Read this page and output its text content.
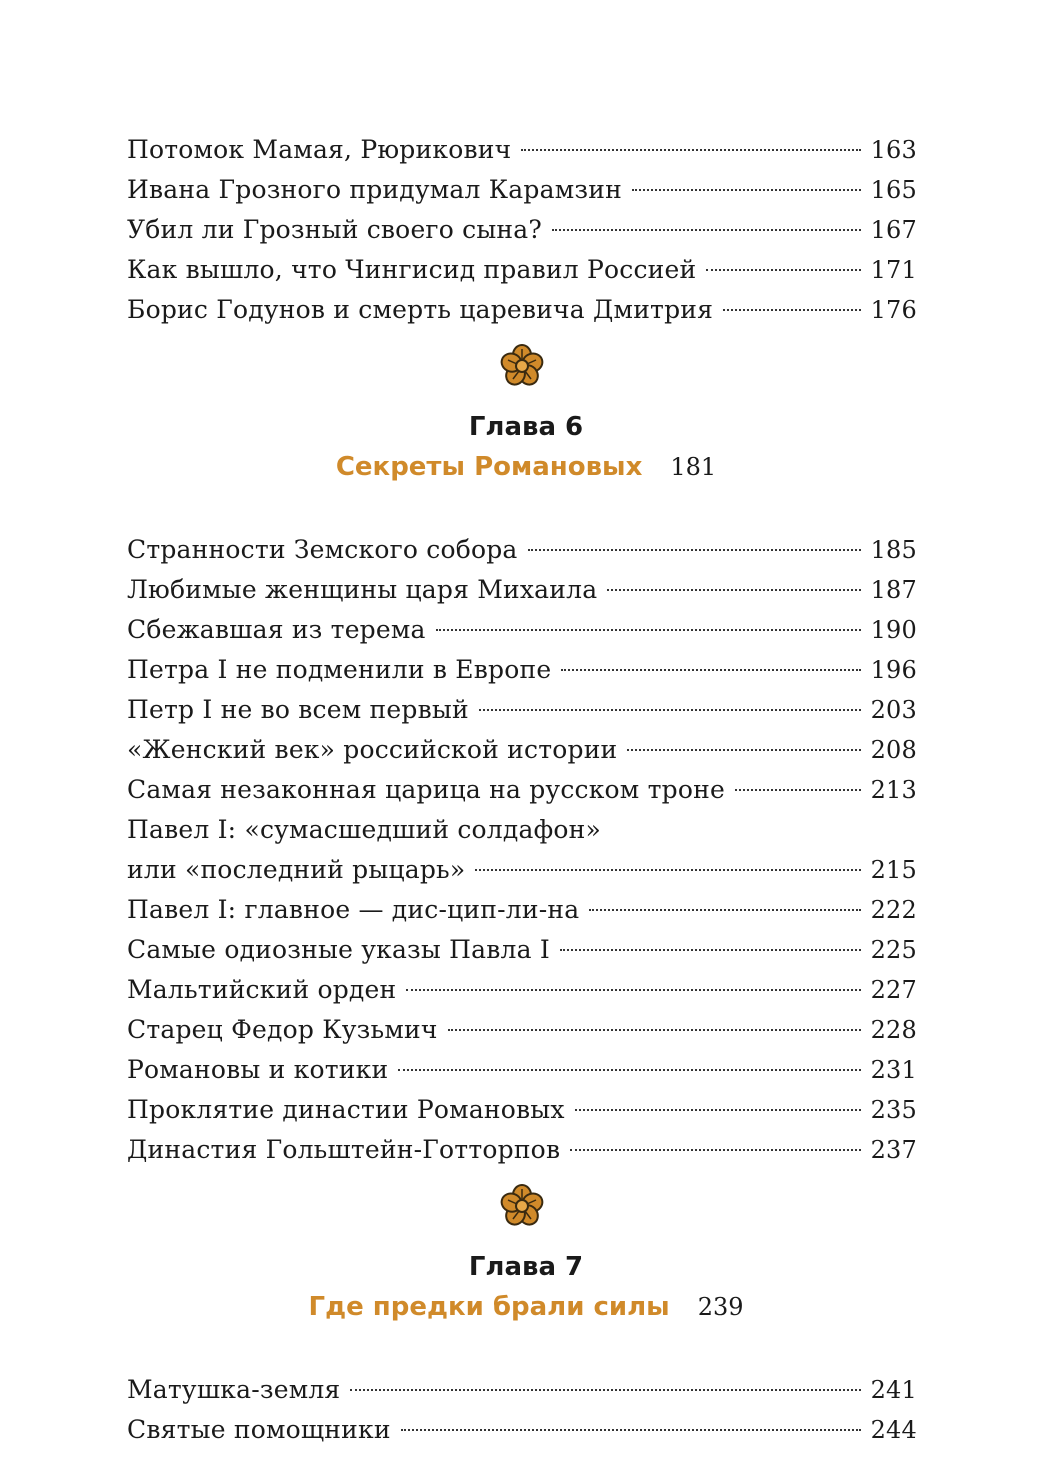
Потомок Мамая, Рюрикович	163
Ивана Грозного придумал Карамзин	165
Убил ли Грозный своего сына?	167
Как вышло, что Чингисид правил Россией	171
Борис Годунов и смерть царевича Дмитрия	176
Глава 6
Секреты Романовых 181
Странности Земского собора	185
Любимые женщины царя Михаила	187
Сбежавшая из терема	190
Петра I не подменили в Европе	196
Петр I не во всем первый	203
«Женский век» российской истории	208
Самая незаконная царица на русском троне	213
Павел I: «сумасшедший солдафон»
или «последний рыцарь»	215
Павел I: главное — дис-цип-ли-на	222
Самые одиозные указы Павла I	225
Мальтийский орден	227
Старец Федор Кузьмич	228
Романовы и котики	231
Проклятие династии Романовых	235
Династия Гольштейн-Готторпов	237
Глава 7
Где предки брали силы 239
Матушка-земля	241
Святые помощники	244
